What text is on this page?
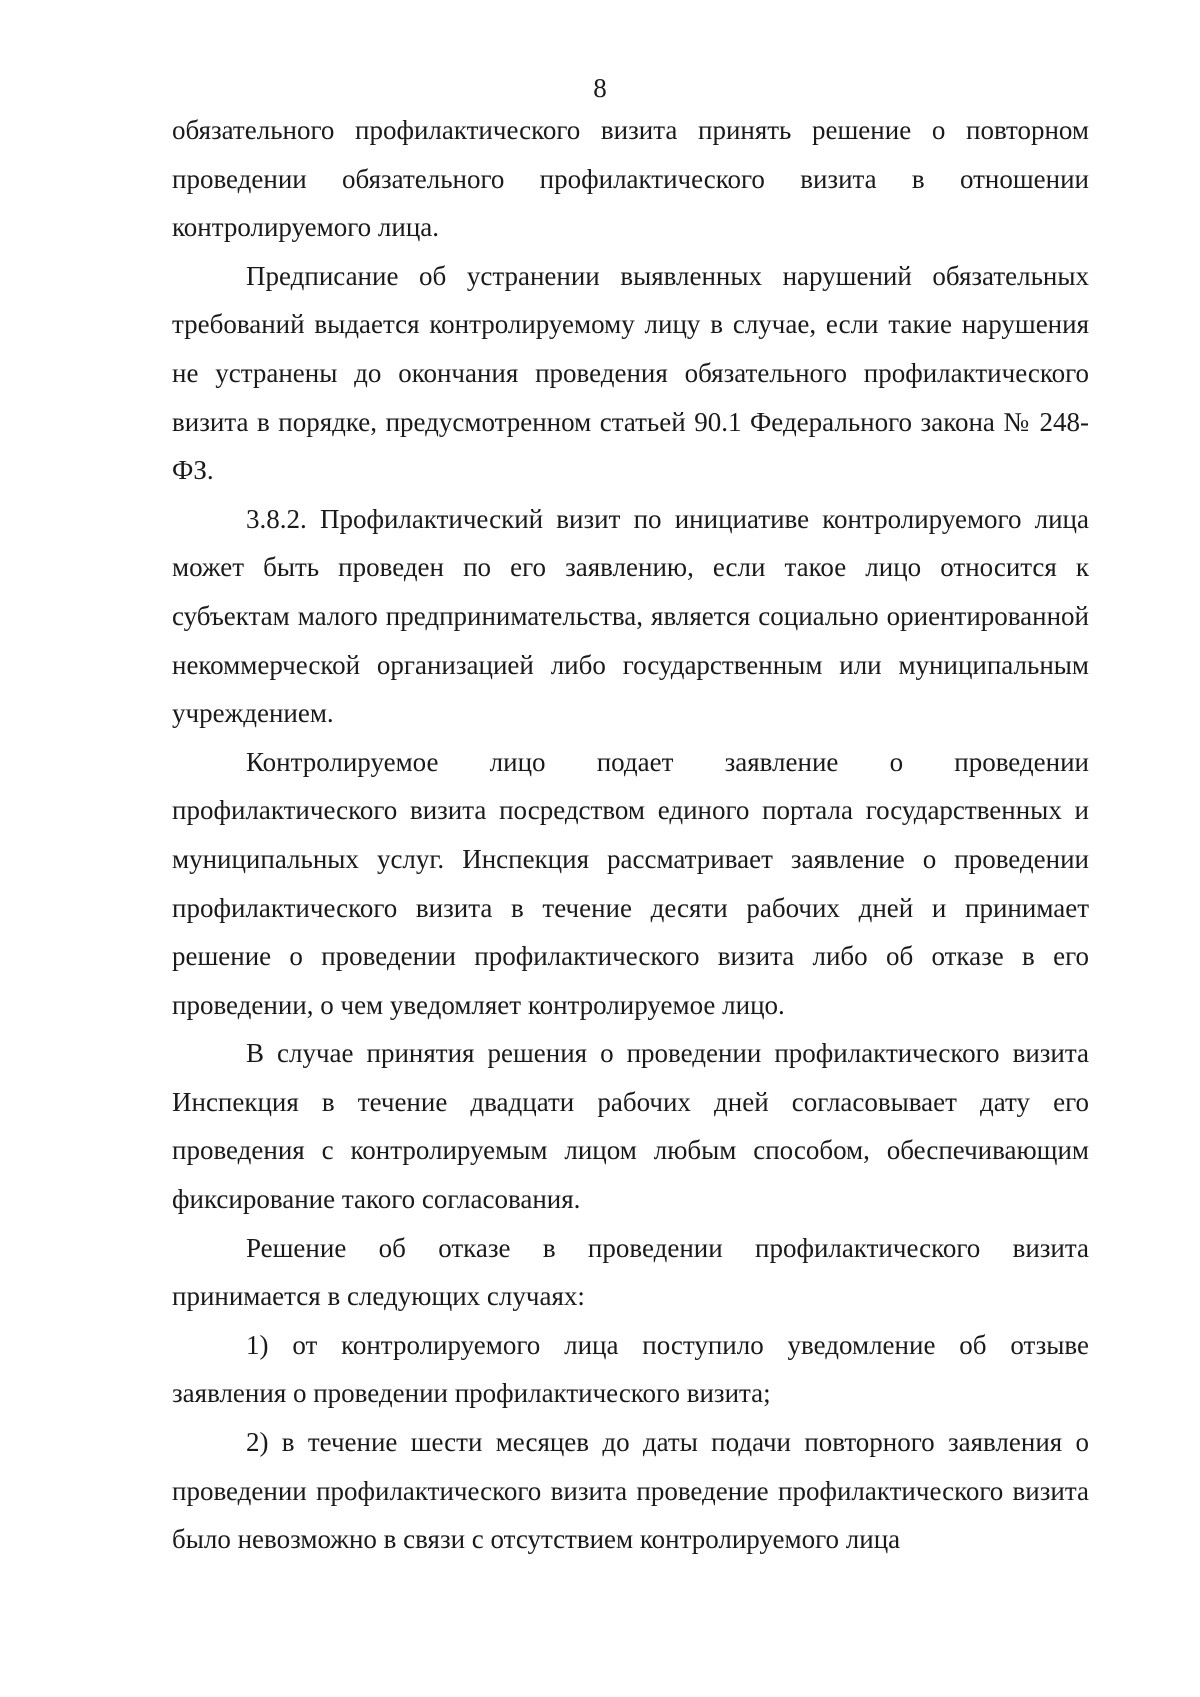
8

обязательного профилактического визита принять решение о повторном проведении обязательного профилактического визита в отношении контролируемого лица.

Предписание об устранении выявленных нарушений обязательных требований выдается контролируемому лицу в случае, если такие нарушения не устранены до окончания проведения обязательного профилактического визита в порядке, предусмотренном статьей 90.1 Федерального закона № 248-ФЗ.

3.8.2. Профилактический визит по инициативе контролируемого лица может быть проведен по его заявлению, если такое лицо относится к субъектам малого предпринимательства, является социально ориентированной некоммерческой организацией либо государственным или муниципальным учреждением.

Контролируемое лицо подает заявление о проведении профилактического визита посредством единого портала государственных и муниципальных услуг. Инспекция рассматривает заявление о проведении профилактического визита в течение десяти рабочих дней и принимает решение о проведении профилактического визита либо об отказе в его проведении, о чем уведомляет контролируемое лицо.

В случае принятия решения о проведении профилактического визита Инспекция в течение двадцати рабочих дней согласовывает дату его проведения с контролируемым лицом любым способом, обеспечивающим фиксирование такого согласования.

Решение об отказе в проведении профилактического визита принимается в следующих случаях:

1) от контролируемого лица поступило уведомление об отзыве заявления о проведении профилактического визита;

2) в течение шести месяцев до даты подачи повторного заявления о проведении профилактического визита проведение профилактического визита было невозможно в связи с отсутствием контролируемого лица
